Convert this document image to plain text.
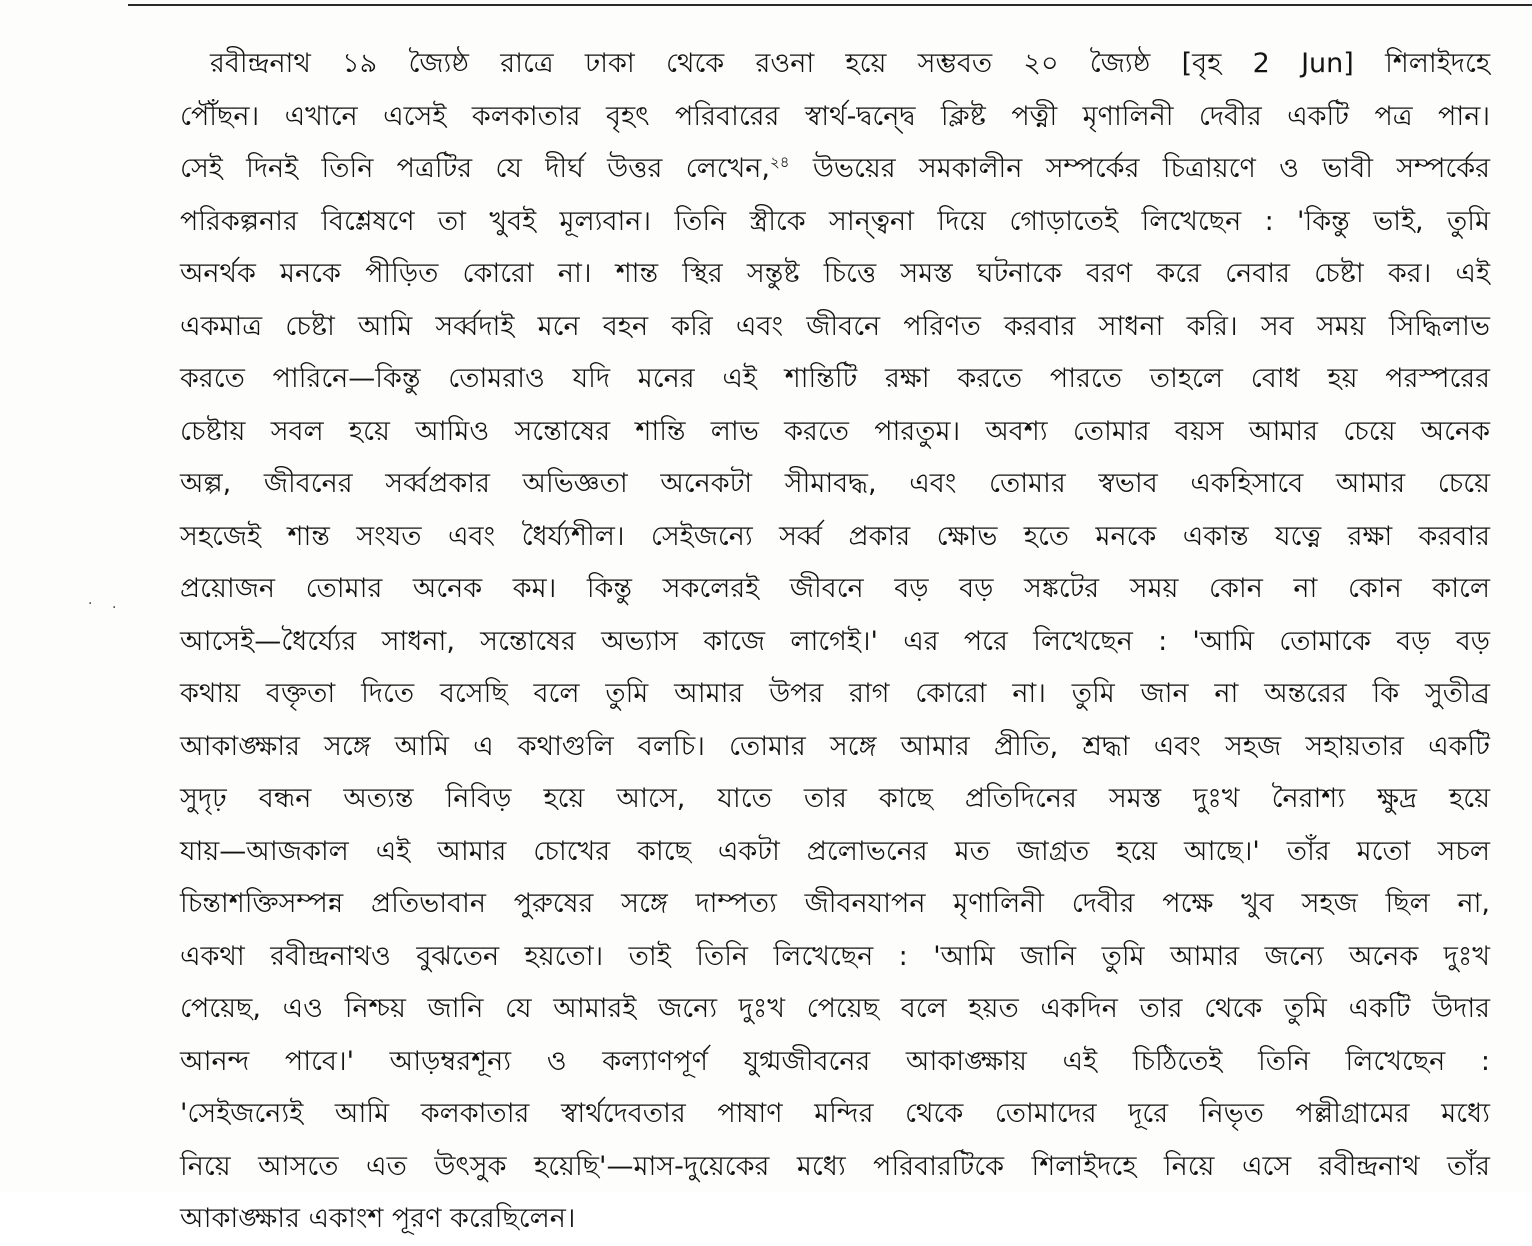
· ·
রবীন্দ্রনাথ ১৯ জ্যৈষ্ঠ রাত্রে ঢাকা থেকে রওনা হয়ে সম্ভবত ২০ জ্যৈষ্ঠ [বৃহ 2 Jun] শিলাইদহে
পৌঁছন। এখানে এসেই কলকাতার বৃহৎ পরিবারের স্বার্থ-দ্বন্দ্বে ক্লিষ্ট পত্নী মৃণালিনী দেবীর একটি পত্র পান।
সেই দিনই তিনি পত্রটির যে দীর্ঘ উত্তর লেখেন,$^{২৪}$ উভয়ের সমকালীন সম্পর্কের চিত্রায়ণে ও ভাবী সম্পর্কের
পরিকল্পনার বিশ্লেষণে তা খুবই মূল্যবান। তিনি স্ত্রীকে সান্ত্বনা দিয়ে গোড়াতেই লিখেছেন : 'কিন্তু ভাই, তুমি
অনর্থক মনকে পীড়িত কোরো না। শান্ত স্থির সন্তুষ্ট চিত্তে সমস্ত ঘটনাকে বরণ করে নেবার চেষ্টা কর। এই
একমাত্র চেষ্টা আমি সর্ব্বদাই মনে বহন করি এবং জীবনে পরিণত করবার সাধনা করি। সব সময় সিদ্ধিলাভ
করতে পারিনে—কিন্তু তোমরাও যদি মনের এই শান্তিটি রক্ষা করতে পারতে তাহলে বোধ হয় পরস্পরের
চেষ্টায় সবল হয়ে আমিও সন্তোষের শান্তি লাভ করতে পারতুম। অবশ্য তোমার বয়স আমার চেয়ে অনেক
অল্প, জীবনের সর্ব্বপ্রকার অভিজ্ঞতা অনেকটা সীমাবদ্ধ, এবং তোমার স্বভাব একহিসাবে আমার চেয়ে
সহজেই শান্ত সংযত এবং ধৈর্য্যশীল। সেইজন্যে সর্ব্ব প্রকার ক্ষোভ হতে মনকে একান্ত যত্নে রক্ষা করবার
প্রয়োজন তোমার অনেক কম। কিন্তু সকলেরই জীবনে বড় বড় সঙ্কটের সময় কোন না কোন কালে
আসেই—ধৈর্য্যের সাধনা, সন্তোষের অভ্যাস কাজে লাগেই।' এর পরে লিখেছেন : 'আমি তোমাকে বড় বড়
কথায় বক্তৃতা দিতে বসেছি বলে তুমি আমার উপর রাগ কোরো না। তুমি জান না অন্তরের কি সুতীব্র
আকাঙ্ক্ষার সঙ্গে আমি এ কথাগুলি বলচি। তোমার সঙ্গে আমার প্রীতি, শ্রদ্ধা এবং সহজ সহায়তার একটি
সুদৃঢ় বন্ধন অত্যন্ত নিবিড় হয়ে আসে, যাতে তার কাছে প্রতিদিনের সমস্ত দুঃখ নৈরাশ্য ক্ষুদ্র হয়ে
যায়—আজকাল এই আমার চোখের কাছে একটা প্রলোভনের মত জাগ্রত হয়ে আছে।' তাঁর মতো সচল
চিন্তাশক্তিসম্পন্ন প্রতিভাবান পুরুষের সঙ্গে দাম্পত্য জীবনযাপন মৃণালিনী দেবীর পক্ষে খুব সহজ ছিল না,
একথা রবীন্দ্রনাথও বুঝতেন হয়তো। তাই তিনি লিখেছেন : 'আমি জানি তুমি আমার জন্যে অনেক দুঃখ
পেয়েছ, এও নিশ্চয় জানি যে আমারই জন্যে দুঃখ পেয়েছ বলে হয়ত একদিন তার থেকে তুমি একটি উদার
আনন্দ পাবে।' আড়ম্বরশূন্য ও কল্যাণপূর্ণ যুগ্মজীবনের আকাঙ্ক্ষায় এই চিঠিতেই তিনি লিখেছেন :
'সেইজন্যেই আমি কলকাতার স্বার্থদেবতার পাষাণ মন্দির থেকে তোমাদের দূরে নিভৃত পল্লীগ্রামের মধ্যে
নিয়ে আসতে এত উৎসুক হয়েছি'—মাস-দুয়েকের মধ্যে পরিবারটিকে শিলাইদহে নিয়ে এসে রবীন্দ্রনাথ তাঁর
আকাঙ্ক্ষার একাংশ পূরণ করেছিলেন।
